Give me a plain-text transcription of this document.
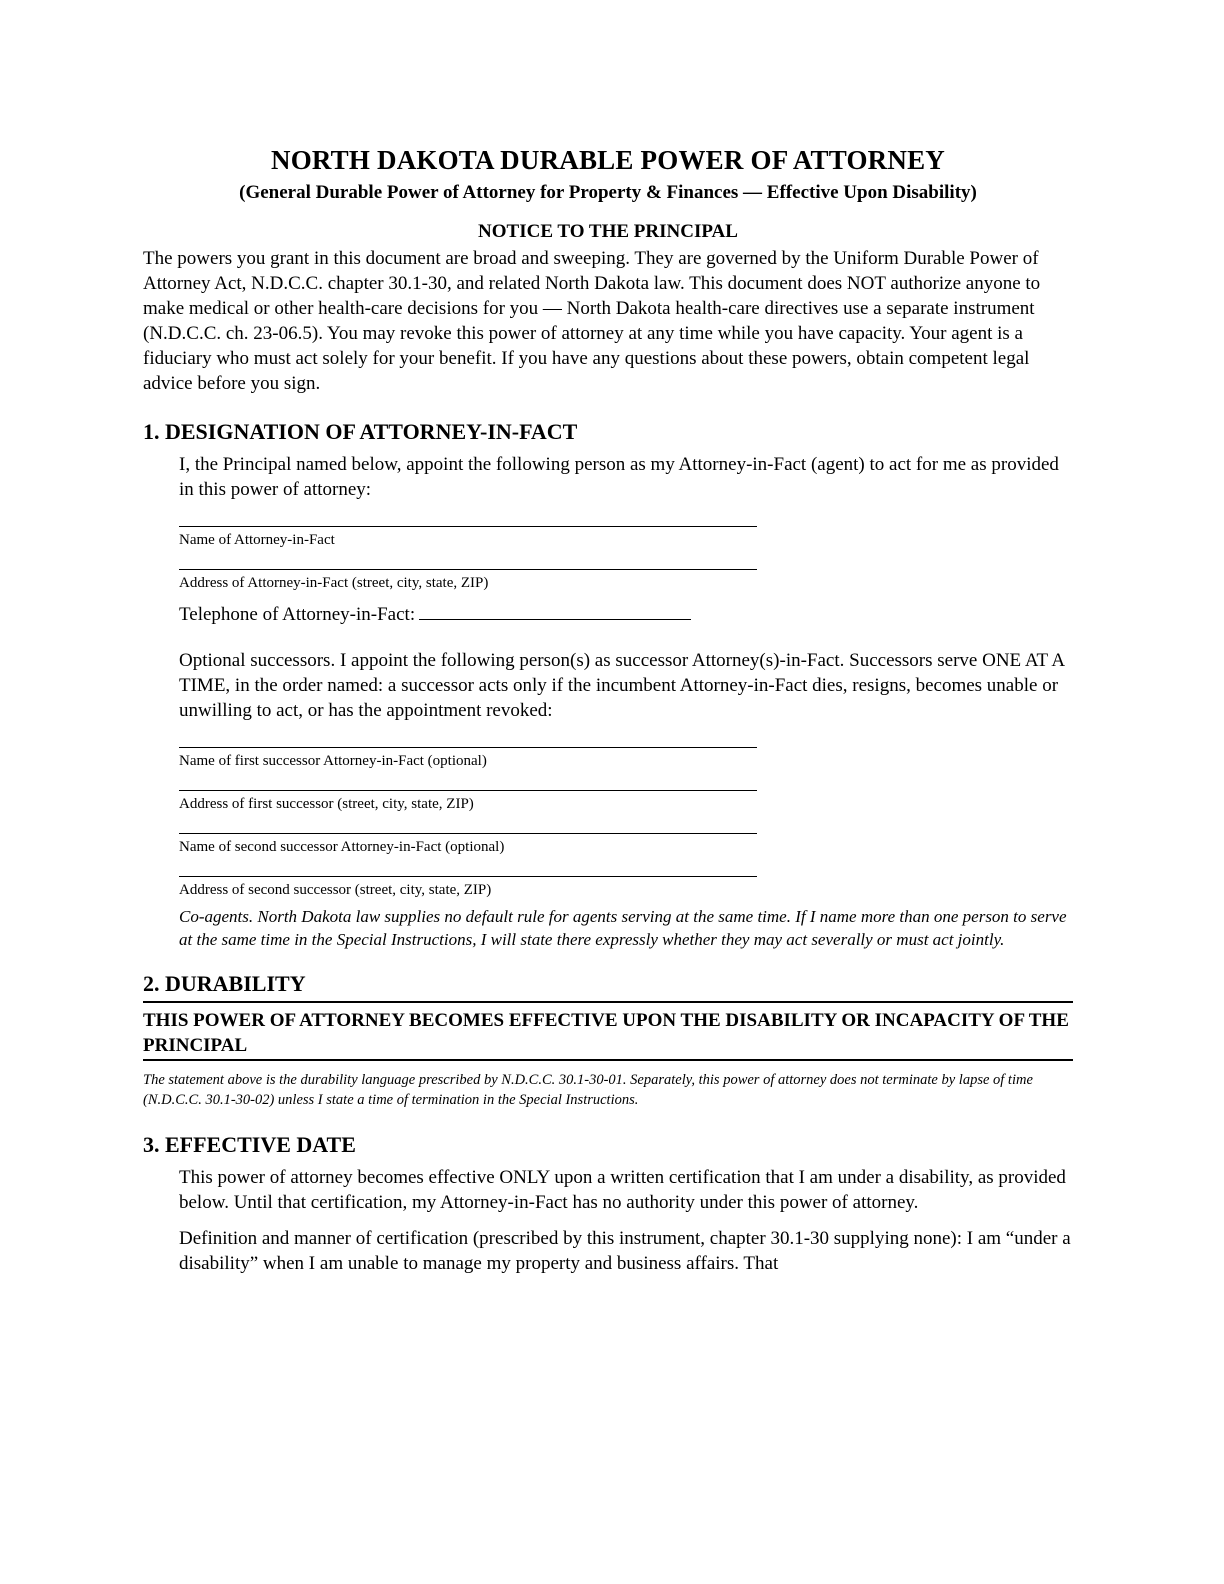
NORTH DAKOTA DURABLE POWER OF ATTORNEY

(General Durable Power of Attorney for Property & Finances — Effective Upon Disability)

NOTICE TO THE PRINCIPAL

The powers you grant in this document are broad and sweeping. They are governed by the Uniform Durable Power of Attorney Act, N.D.C.C. chapter 30.1-30, and related North Dakota law. This document does NOT authorize anyone to make medical or other health-care decisions for you — North Dakota health-care directives use a separate instrument (N.D.C.C. ch. 23-06.5). You may revoke this power of attorney at any time while you have capacity. Your agent is a fiduciary who must act solely for your benefit. If you have any questions about these powers, obtain competent legal advice before you sign.

1. DESIGNATION OF ATTORNEY-IN-FACT

I, the Principal named below, appoint the following person as my Attorney-in-Fact (agent) to act for me as provided in this power of attorney:

Name of Attorney-in-Fact

Address of Attorney-in-Fact (street, city, state, ZIP)

Telephone of Attorney-in-Fact:

Optional successors. I appoint the following person(s) as successor Attorney(s)-in-Fact. Successors serve ONE AT A TIME, in the order named: a successor acts only if the incumbent Attorney-in-Fact dies, resigns, becomes unable or unwilling to act, or has the appointment revoked:

Name of first successor Attorney-in-Fact (optional)

Address of first successor (street, city, state, ZIP)

Name of second successor Attorney-in-Fact (optional)

Address of second successor (street, city, state, ZIP)

Co-agents. North Dakota law supplies no default rule for agents serving at the same time. If I name more than one person to serve at the same time in the Special Instructions, I will state there expressly whether they may act severally or must act jointly.

2. DURABILITY

THIS POWER OF ATTORNEY BECOMES EFFECTIVE UPON THE DISABILITY OR INCAPACITY OF THE PRINCIPAL

The statement above is the durability language prescribed by N.D.C.C. 30.1-30-01. Separately, this power of attorney does not terminate by lapse of time (N.D.C.C. 30.1-30-02) unless I state a time of termination in the Special Instructions.

3. EFFECTIVE DATE

This power of attorney becomes effective ONLY upon a written certification that I am under a disability, as provided below. Until that certification, my Attorney-in-Fact has no authority under this power of attorney.

Definition and manner of certification (prescribed by this instrument, chapter 30.1-30 supplying none): I am “under a disability” when I am unable to manage my property and business affairs. That
